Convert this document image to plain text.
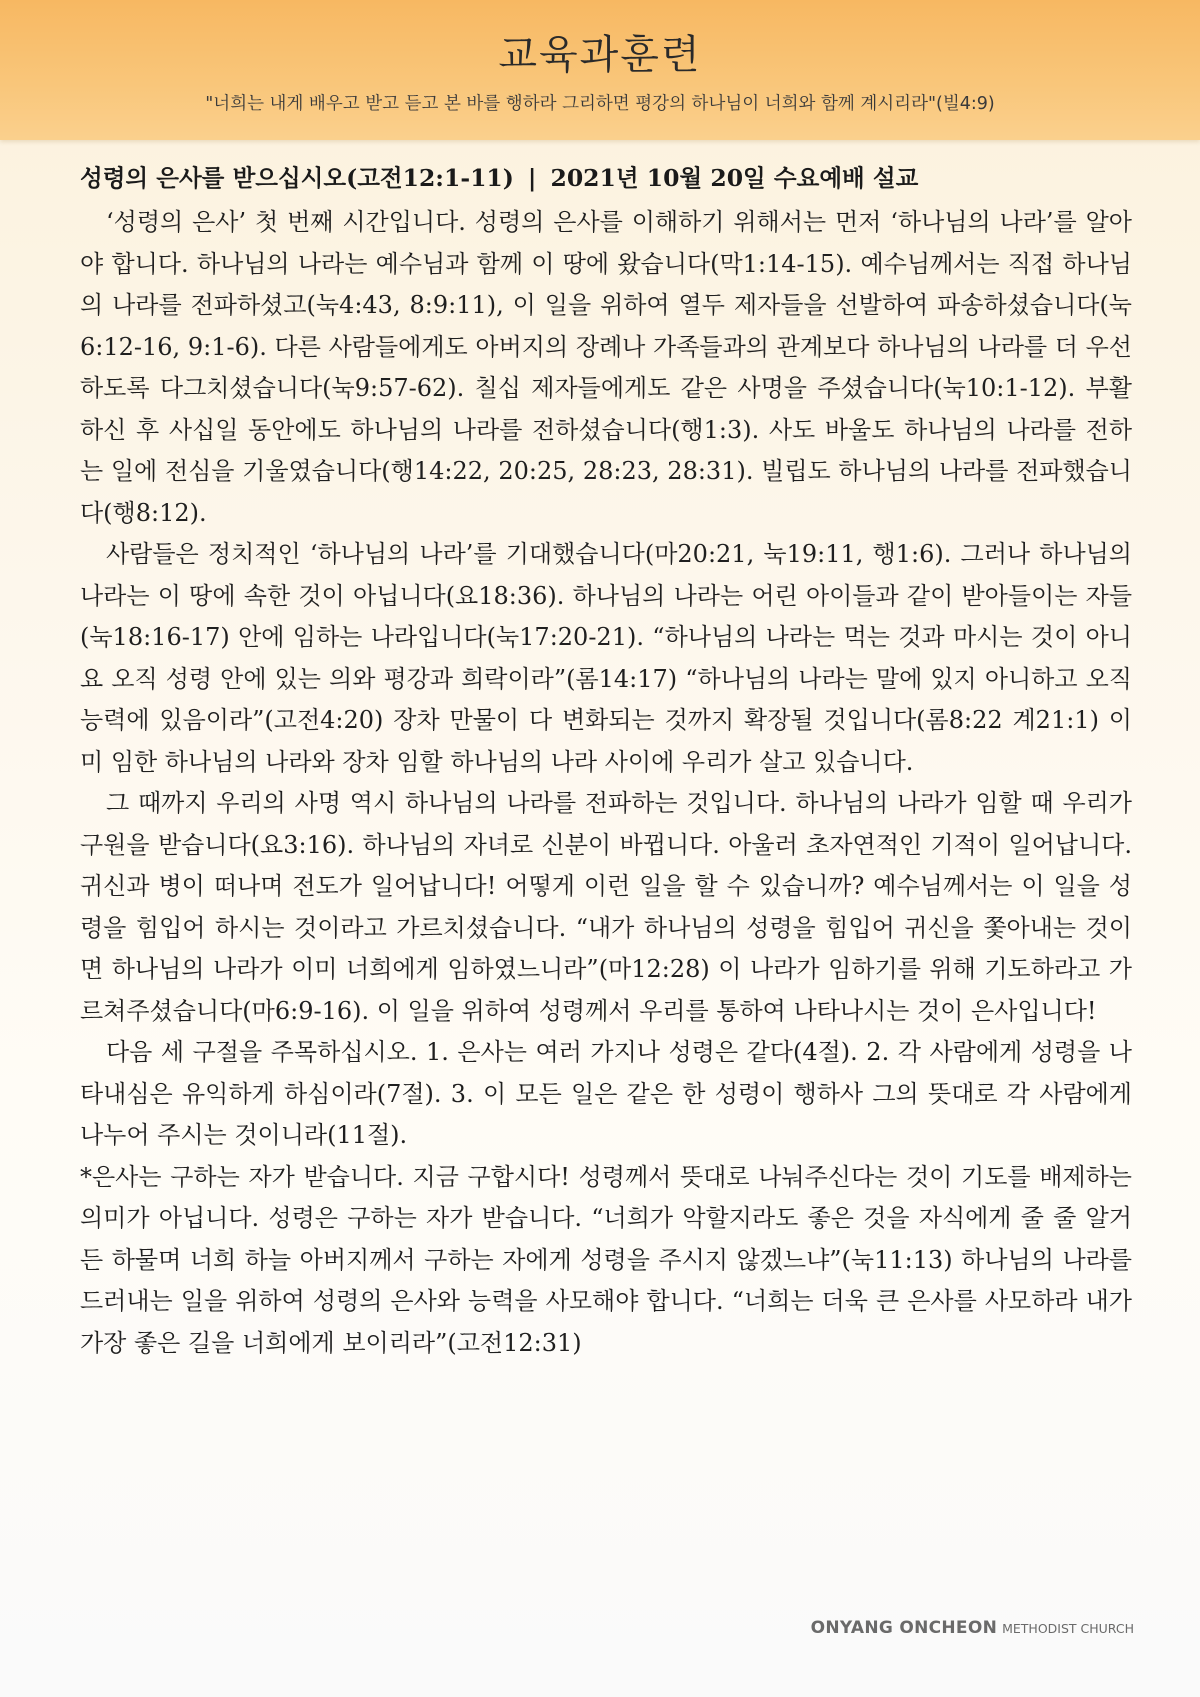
교육과훈련
"너희는 내게 배우고 받고 듣고 본 바를 행하라 그리하면 평강의 하나님이 너희와 함께 계시리라"(빌4:9)
성령의 은사를 받으십시오(고전12:1-11) | 2021년 10월 20일 수요예배 설교

‘성령의 은사’ 첫 번째 시간입니다. 성령의 은사를 이해하기 위해서는 먼저 ‘하나님의 나라’를 알아야 합니다. 하나님의 나라는 예수님과 함께 이 땅에 왔습니다(막1:14-15). 예수님께서는 직접 하나님의 나라를 전파하셨고(눅4:43, 8:9:11), 이 일을 위하여 열두 제자들을 선발하여 파송하셨습니다(눅6:12-16, 9:1-6). 다른 사람들에게도 아버지의 장례나 가족들과의 관계보다 하나님의 나라를 더 우선하도록 다그치셨습니다(눅9:57-62). 칠십 제자들에게도 같은 사명을 주셨습니다(눅10:1-12). 부활하신 후 사십일 동안에도 하나님의 나라를 전하셨습니다(행1:3). 사도 바울도 하나님의 나라를 전하는 일에 전심을 기울였습니다(행14:22, 20:25, 28:23, 28:31). 빌립도 하나님의 나라를 전파했습니다(행8:12).

사람들은 정치적인 ‘하나님의 나라’를 기대했습니다(마20:21, 눅19:11, 행1:6). 그러나 하나님의 나라는 이 땅에 속한 것이 아닙니다(요18:36). 하나님의 나라는 어린 아이들과 같이 받아들이는 자들(눅18:16-17) 안에 임하는 나라입니다(눅17:20-21). “하나님의 나라는 먹는 것과 마시는 것이 아니요 오직 성령 안에 있는 의와 평강과 희락이라”(롬14:17) “하나님의 나라는 말에 있지 아니하고 오직 능력에 있음이라”(고전4:20) 장차 만물이 다 변화되는 것까지 확장될 것입니다(롬8:22 계21:1) 이미 임한 하나님의 나라와 장차 임할 하나님의 나라 사이에 우리가 살고 있습니다.

그 때까지 우리의 사명 역시 하나님의 나라를 전파하는 것입니다. 하나님의 나라가 임할 때 우리가 구원을 받습니다(요3:16). 하나님의 자녀로 신분이 바뀝니다. 아울러 초자연적인 기적이 일어납니다. 귀신과 병이 떠나며 전도가 일어납니다! 어떻게 이런 일을 할 수 있습니까? 예수님께서는 이 일을 성령을 힘입어 하시는 것이라고 가르치셨습니다. “내가 하나님의 성령을 힘입어 귀신을 쫓아내는 것이면 하나님의 나라가 이미 너희에게 임하였느니라”(마12:28) 이 나라가 임하기를 위해 기도하라고 가르쳐주셨습니다(마6:9-16). 이 일을 위하여 성령께서 우리를 통하여 나타나시는 것이 은사입니다!

다음 세 구절을 주목하십시오. 1. 은사는 여러 가지나 성령은 같다(4절). 2. 각 사람에게 성령을 나타내심은 유익하게 하심이라(7절). 3. 이 모든 일은 같은 한 성령이 행하사 그의 뜻대로 각 사람에게 나누어 주시는 것이니라(11절).

*은사는 구하는 자가 받습니다. 지금 구합시다! 성령께서 뜻대로 나눠주신다는 것이 기도를 배제하는 의미가 아닙니다. 성령은 구하는 자가 받습니다. “너희가 악할지라도 좋은 것을 자식에게 줄 줄 알거든 하물며 너희 하늘 아버지께서 구하는 자에게 성령을 주시지 않겠느냐”(눅11:13) 하나님의 나라를 드러내는 일을 위하여 성령의 은사와 능력을 사모해야 합니다. “너희는 더욱 큰 은사를 사모하라 내가 가장 좋은 길을 너희에게 보이리라”(고전12:31)

ONYANG ONCHEON METHODIST CHURCH
